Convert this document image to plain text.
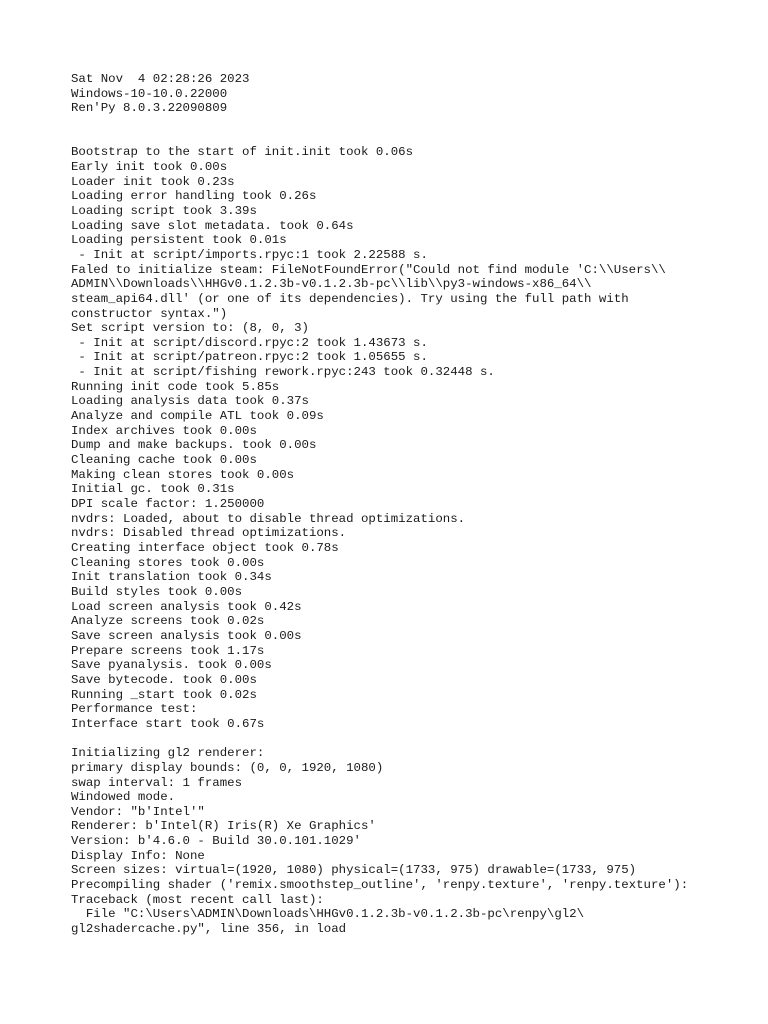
Sat Nov  4 02:28:26 2023
Windows-10-10.0.22000
Ren'Py 8.0.3.22090809
Bootstrap to the start of init.init took 0.06s
Early init took 0.00s
Loader init took 0.23s
Loading error handling took 0.26s
Loading script took 3.39s
Loading save slot metadata. took 0.64s
Loading persistent took 0.01s
- Init at script/imports.rpyc:1 took 2.22588 s.
Faled to initialize steam: FileNotFoundError("Could not find module 'C:\\Users\\
ADMIN\\Downloads\\HHGv0.1.2.3b-v0.1.2.3b-pc\\lib\\py3-windows-x86_64\\
steam_api64.dll' (or one of its dependencies). Try using the full path with
constructor syntax.")
Set script version to: (8, 0, 3)
- Init at script/discord.rpyc:2 took 1.43673 s.
- Init at script/patreon.rpyc:2 took 1.05655 s.
- Init at script/fishing rework.rpyc:243 took 0.32448 s.
Running init code took 5.85s
Loading analysis data took 0.37s
Analyze and compile ATL took 0.09s
Index archives took 0.00s
Dump and make backups. took 0.00s
Cleaning cache took 0.00s
Making clean stores took 0.00s
Initial gc. took 0.31s
DPI scale factor: 1.250000
nvdrs: Loaded, about to disable thread optimizations.
nvdrs: Disabled thread optimizations.
Creating interface object took 0.78s
Cleaning stores took 0.00s
Init translation took 0.34s
Build styles took 0.00s
Load screen analysis took 0.42s
Analyze screens took 0.02s
Save screen analysis took 0.00s
Prepare screens took 1.17s
Save pyanalysis. took 0.00s
Save bytecode. took 0.00s
Running _start took 0.02s
Performance test:
Interface start took 0.67s
Initializing gl2 renderer:
primary display bounds: (0, 0, 1920, 1080)
swap interval: 1 frames
Windowed mode.
Vendor: "b'Intel'"
Renderer: b'Intel(R) Iris(R) Xe Graphics'
Version: b'4.6.0 - Build 30.0.101.1029'
Display Info: None
Screen sizes: virtual=(1920, 1080) physical=(1733, 975) drawable=(1733, 975)
Precompiling shader ('remix.smoothstep_outline', 'renpy.texture', 'renpy.texture'):
Traceback (most recent call last):
File "C:\Users\ADMIN\Downloads\HHGv0.1.2.3b-v0.1.2.3b-pc\renpy\gl2\
gl2shadercache.py", line 356, in load
